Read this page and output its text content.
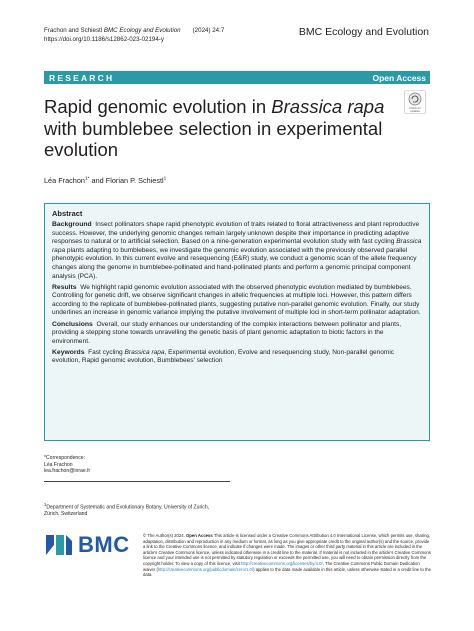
Frachon and Schiestl BMC Ecology and Evolution (2024) 24:7
https://doi.org/10.1186/s12862-023-02194-y
BMC Ecology and Evolution
RESEARCH	Open Access
Check for
updates
Rapid genomic evolution in Brassica rapa with bumblebee selection in experimental evolution
Léa Frachon$^{1*}$ and Florian P. Schiestl$^1$
Abstract

Background Insect pollinators shape rapid phenotypic evolution of traits related to floral attractiveness and plant reproductive success. However, the underlying genomic changes remain largely unknown despite their importance in predicting adaptive responses to natural or to artificial selection. Based on a nine-generation experimental evolution study with fast cycling Brassica rapa plants adapting to bumblebees, we investigate the genomic evolution associated with the previously observed parallel phenotypic evolution. In this current evolve and resequencing (E&R) study, we conduct a genomic scan of the allele frequency changes along the genome in bumblebee-pollinated and hand-pollinated plants and perform a genomic principal component analysis (PCA).

Results We highlight rapid genomic evolution associated with the observed phenotypic evolution mediated by bumblebees. Controlling for genetic drift, we observe significant changes in allelic frequencies at multiple loci. However, this pattern differs according to the replicate of bumblebee-pollinated plants, suggesting putative non-parallel genomic evolution. Finally, our study underlines an increase in genomic variance implying the putative involvement of multiple loci in short-term pollinator adaptation.

Conclusions Overall, our study enhances our understanding of the complex interactions between pollinator and plants, providing a stepping stone towards unravelling the genetic basis of plant genomic adaptation to biotic factors in the environment.

Keywords Fast cycling Brassica rapa, Experimental evolution, Evolve and resequencing study, Non-parallel genomic evolution, Rapid genomic evolution, Bumblebees' selection

*Correspondence:
Léa Frachon
lea.frachon@inrae.fr
$^1$Department of Systematic and Evolutionary Botany, University of Zurich,
Zürich, Switzerland
BMC	© The Author(s) 2024. Open Access This article is licensed under a Creative Commons Attribution 4.0 International License, which permits use, sharing, adaptation, distribution and reproduction in any medium or format, as long as you give appropriate credit to the original author(s) and the source, provide a link to the Creative Commons licence, and indicate if changes were made. The images or other third party material in this article are included in the article's Creative Commons licence, unless indicated otherwise in a credit line to the material. If material is not included in the article's Creative Commons licence and your intended use is not permitted by statutory regulation or exceeds the permitted use, you will need to obtain permission directly from the copyright holder. To view a copy of this licence, visit http://creativecommons.org/licenses/by/4.0/. The Creative Commons Public Domain Dedication waiver (http://creativecommons.org/publicdomain/zero/1.0/) applies to the data made available in this article, unless otherwise stated in a credit line to the data.
